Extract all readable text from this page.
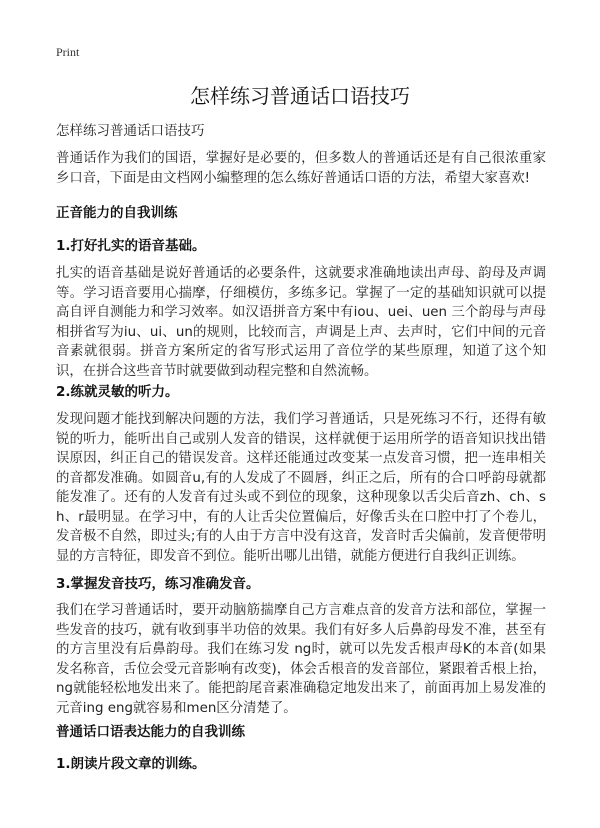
Print
怎样练习普通话口语技巧
怎样练习普通话口语技巧

普通话作为我们的国语，掌握好是必要的，但多数人的普通话还是有自己很浓重家乡口音，下面是由文档网小编整理的怎么练好普通话口语的方法，希望大家喜欢!

正音能力的自我训练
1.打好扎实的语音基础。

扎实的语音基础是说好普通话的必要条件，这就要求准确地读出声母、韵母及声调等。学习语音要用心揣摩，仔细模仿，多练多记。掌握了一定的基础知识就可以提高自评自测能力和学习效率。如汉语拼音方案中有iou、uei、uen 三个韵母与声母相拼省写为iu、ui、un的规则，比较而言，声调是上声、去声时，它们中间的元音音素就很弱。拼音方案所定的省写形式运用了音位学的某些原理，知道了这个知识，在拼合这些音节时就要做到动程完整和自然流畅。

2.练就灵敏的听力。

发现问题才能找到解决问题的方法，我们学习普通话，只是死练习不行，还得有敏锐的听力，能听出自己或别人发音的错误，这样就便于运用所学的语音知识找出错误原因，纠正自己的错误发音。这样还能通过改变某一点发音习惯，把一连串相关的音都发准确。如圆音u,有的人发成了不圆唇，纠正之后，所有的合口呼韵母就都能发准了。还有的人发音有过头或不到位的现象，这种现象以舌尖后音zh、ch、sh、r最明显。在学习中，有的人让舌尖位置偏后，好像舌头在口腔中打了个卷儿，发音极不自然，即过头;有的人由于方言中没有这音，发音时舌尖偏前，发音便带明显的方言特征，即发音不到位。能听出哪儿出错，就能方便进行自我纠正训练。

3.掌握发音技巧，练习准确发音。

我们在学习普通话时，要开动脑筋揣摩自己方言难点音的发音方法和部位，掌握一些发音的技巧，就有收到事半功倍的效果。我们有好多人后鼻韵母发不准，甚至有的方言里没有后鼻韵母。我们在练习发 ng时，就可以先发舌根声母K的本音(如果发名称音，舌位会受元音影响有改变)，体会舌根音的发音部位，紧跟着舌根上抬，ng就能轻松地发出来了。能把韵尾音素准确稳定地发出来了，前面再加上易发准的元音ing eng就容易和men区分清楚了。

普通话口语表达能力的自我训练
1.朗读片段文章的训练。
